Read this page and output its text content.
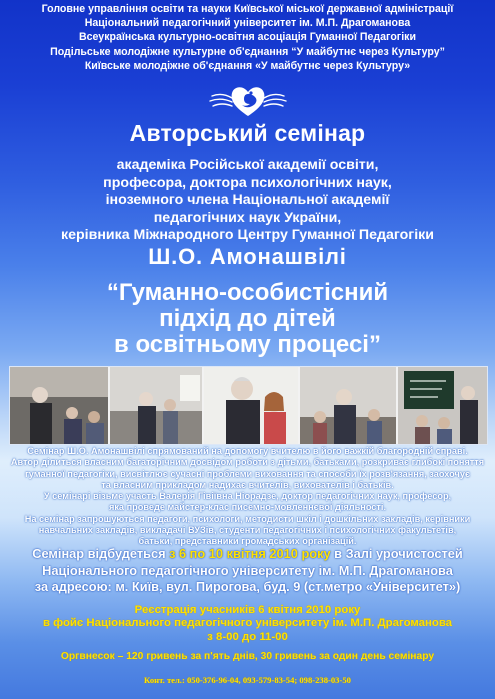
Головне управління освіти та науки Київської міської державної адміністрації
Національний педагогічний університет ім. М.П. Драгоманова
Всеукраїнська культурно-освітня асоціація Гуманної Педагогіки
Подільське молодіжне культурне об'єднання “У майбутнє через Культуру”
Київське молодіжне об'єднання «У майбутнє через Культуру»
Авторський семінар
академіка Російської академії освіти,
професора, доктора психологічних наук,
іноземного члена Національної академії
педагогічних наук України,
керівника Міжнародного Центру Гуманної Педагогіки
Ш.О. Амонашвілі
“Гуманно-особистісний
підхід до дітей
в освітньому процесі”
Семінар Ш.О. Амонашвілі спрямований на допомогу вчителю в його важкій благородній справі.
Автор ділиться власним багаторічним досвідом роботи з дітьми, батьками, розкриває глибокі поняття
гуманної педагогіки, висвітлює сучасні проблеми виховання та способи їх розв'язання, заохочує
та власним прикладом надихає вчителів, вихователів і батьків.
У семінарі візьме участь Валерія Гівіївна Ніорадзе, доктор педагогічних наук, професор,
яка проведе майстер-клас писемно-мовленнєвої діяльності.
На семінар запрошуються педагоги, психологи, методисти шкіл і дошкільних закладів, керівники
навчальних закладів, викладачі ВУЗів, студенти педагогічних і психологічних факультетів,
батьки, представники громадських організацій.
Семінар відбудеться з 6 по 10 квітня 2010 року в Залі урочистостей
Національного педагогічного університету ім. М.П. Драгоманова
за адресою: м. Київ, вул. Пирогова, буд. 9 (ст.метро «Університет»)
Реєстрація учасників 6 квітня 2010 року
в фойє Національного педагогічного університету ім. М.П. Драгоманова
з 8-00 до 11-00
Оргвнесок – 120 гривень за п'ять днів, 30 гривень за один день семінару
Конт. тел.: 050-376-96-04, 093-579-83-54; 098-238-03-50
